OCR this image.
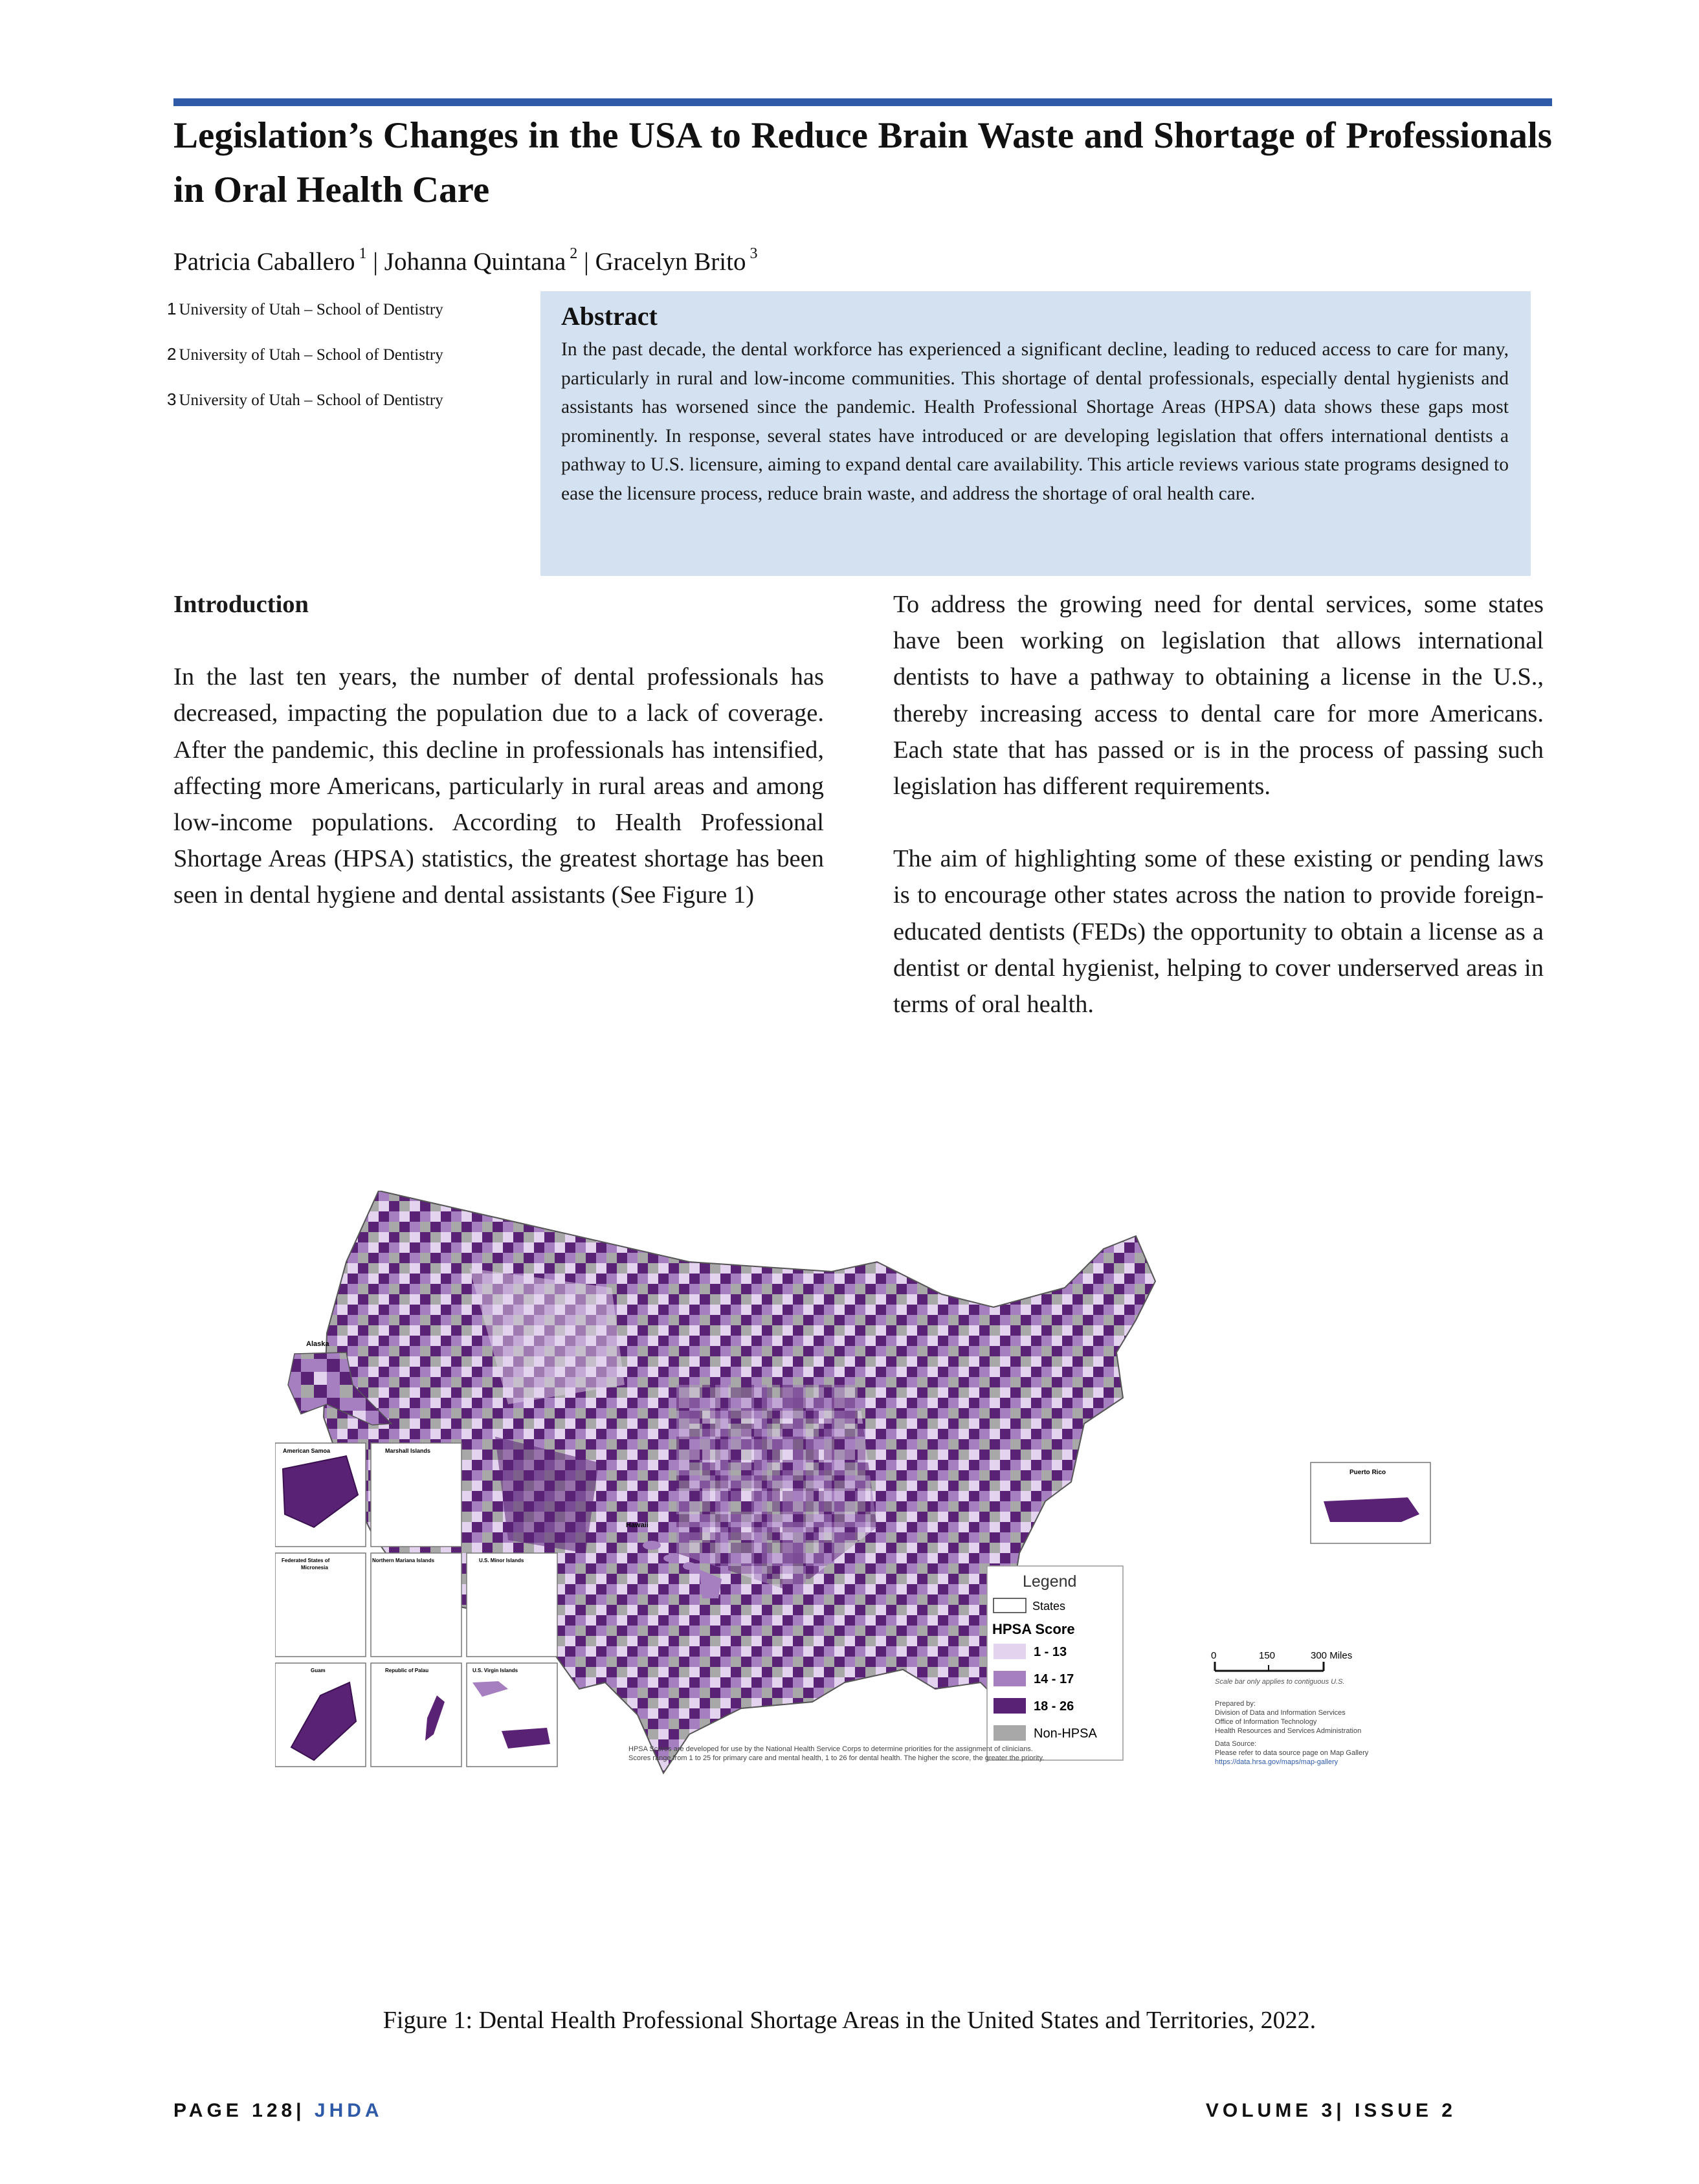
Legislation’s Changes in the USA to Reduce Brain Waste and Shortage of Professionals in Oral Health Care
Patricia Caballero $^1$ | Johanna Quintana $^2$ | Gracelyn Brito $^3$
1 University of Utah – School of Dentistry
2 University of Utah – School of Dentistry
3 University of Utah – School of Dentistry
Abstract

In the past decade, the dental workforce has experienced a significant decline, leading to reduced access to care for many, particularly in rural and low-income communities. This shortage of dental professionals, especially dental hygienists and assistants has worsened since the pandemic. Health Professional Shortage Areas (HPSA) data shows these gaps most prominently. In response, several states have introduced or are developing legislation that offers international dentists a pathway to U.S. licensure, aiming to expand dental care availability. This article reviews various state programs designed to ease the licensure process, reduce brain waste, and address the shortage of oral health care.

Introduction

In the last ten years, the number of dental professionals has decreased, impacting the population due to a lack of coverage. After the pandemic, this decline in professionals has intensified, affecting more Americans, particularly in rural areas and among low-income populations. According to Health Professional Shortage Areas (HPSA) statistics, the greatest shortage has been seen in dental hygiene and dental assistants (See Figure 1)

To address the growing need for dental services, some states have been working on legislation that allows international dentists to have a pathway to obtaining a license in the U.S., thereby increasing access to dental care for more Americans. Each state that has passed or is in the process of passing such legislation has different requirements.

The aim of highlighting some of these existing or pending laws is to encourage other states across the nation to provide foreign-educated dentists (FEDs) the opportunity to obtain a license as a dentist or dental hygienist, helping to cover underserved areas in terms of oral health.

Alaska
Hawaii
Puerto Rico
American Samoa	Marshall Islands
Federated States of
Micronesia
Northern Mariana Islands	U.S. Minor Islands
Guam	Republic of Palau	U.S. Virgin Islands
Legend
States
HPSA Score
1 - 13
14 - 17
18 - 26
Non-HPSA
0	150	300 Miles
Scale bar only applies to contiguous U.S.
Prepared by:
Division of Data and Information Services
Office of Information Technology
Health Resources and Services Administration
Data Source:
Please refer to data source page on Map Gallery
https://data.hrsa.gov/maps/map-gallery
HPSA Scores are developed for use by the National Health Service Corps to determine priorities for the assignment of clinicians.
Scores range from 1 to 25 for primary care and mental health, 1 to 26 for dental health. The higher the score, the greater the priority.
Figure 1: Dental Health Professional Shortage Areas in the United States and Territories, 2022.
PAGE 128| JHDA	VOLUME 3| ISSUE 2
